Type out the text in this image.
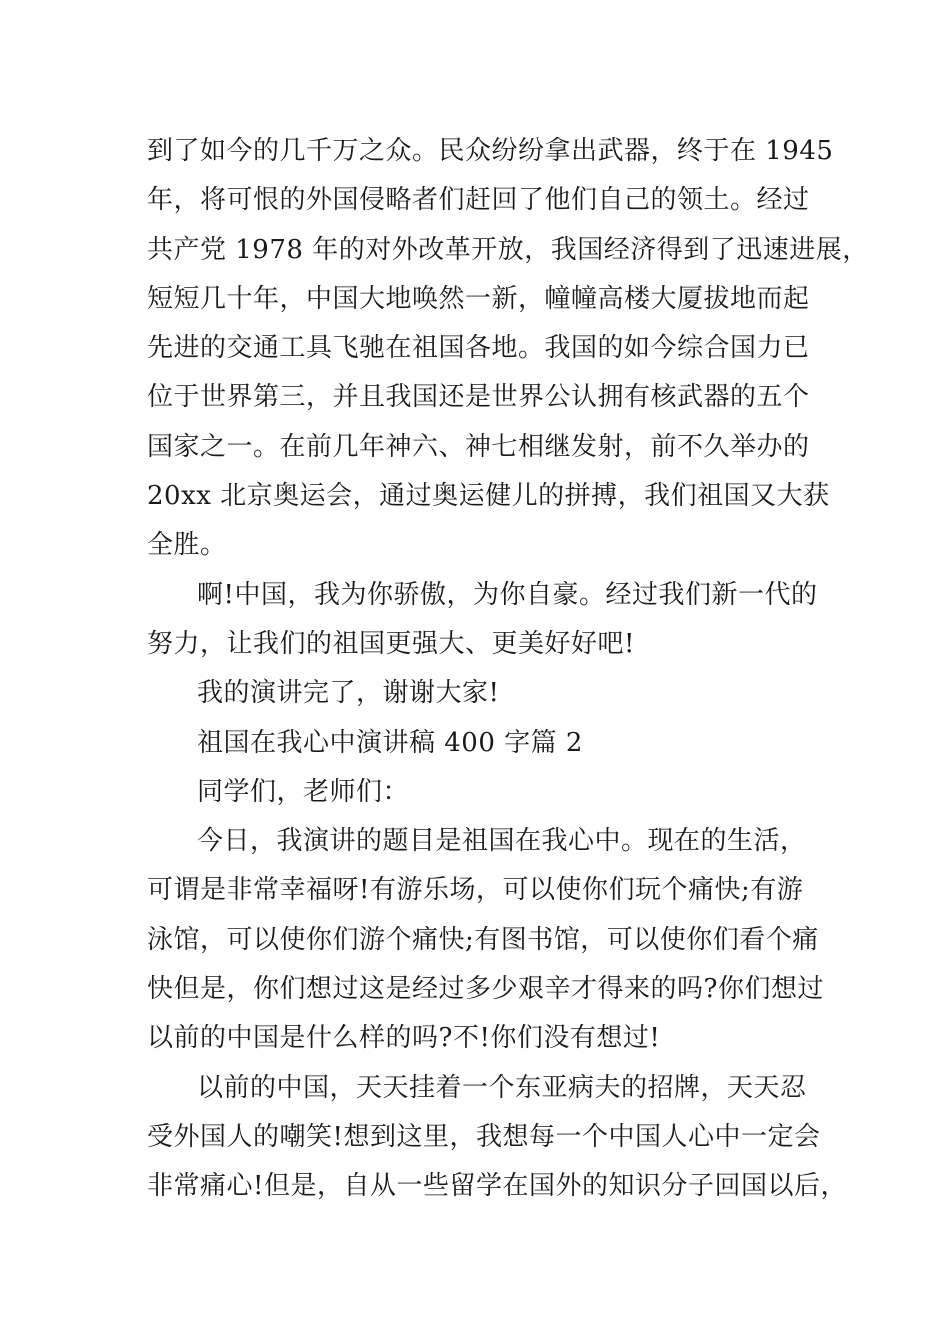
到了如今的几千万之众。民众纷纷拿出武器，终于在 1945
年，将可恨的外国侵略者们赶回了他们自己的领土。经过
共产党 1978 年的对外改革开放，我国经济得到了迅速进展，
短短几十年，中国大地唤然一新，幢幢高楼大厦拔地而起
先进的交通工具飞驰在祖国各地。我国的如今综合国力已
位于世界第三，并且我国还是世界公认拥有核武器的五个
国家之一。在前几年神六、神七相继发射，前不久举办的
20xx 北京奥运会，通过奥运健儿的拼搏，我们祖国又大获
全胜。
啊!中国，我为你骄傲，为你自豪。经过我们新一代的
努力，让我们的祖国更强大、更美好好吧!
我的演讲完了，谢谢大家!
祖国在我心中演讲稿 400 字篇 2
同学们，老师们：
今日，我演讲的题目是祖国在我心中。现在的生活，
可谓是非常幸福呀!有游乐场，可以使你们玩个痛快;有游
泳馆，可以使你们游个痛快;有图书馆，可以使你们看个痛
快但是，你们想过这是经过多少艰辛才得来的吗?你们想过
以前的中国是什么样的吗?不!你们没有想过!
以前的中国，天天挂着一个东亚病夫的招牌，天天忍
受外国人的嘲笑!想到这里，我想每一个中国人心中一定会
非常痛心!但是，自从一些留学在国外的知识分子回国以后，
